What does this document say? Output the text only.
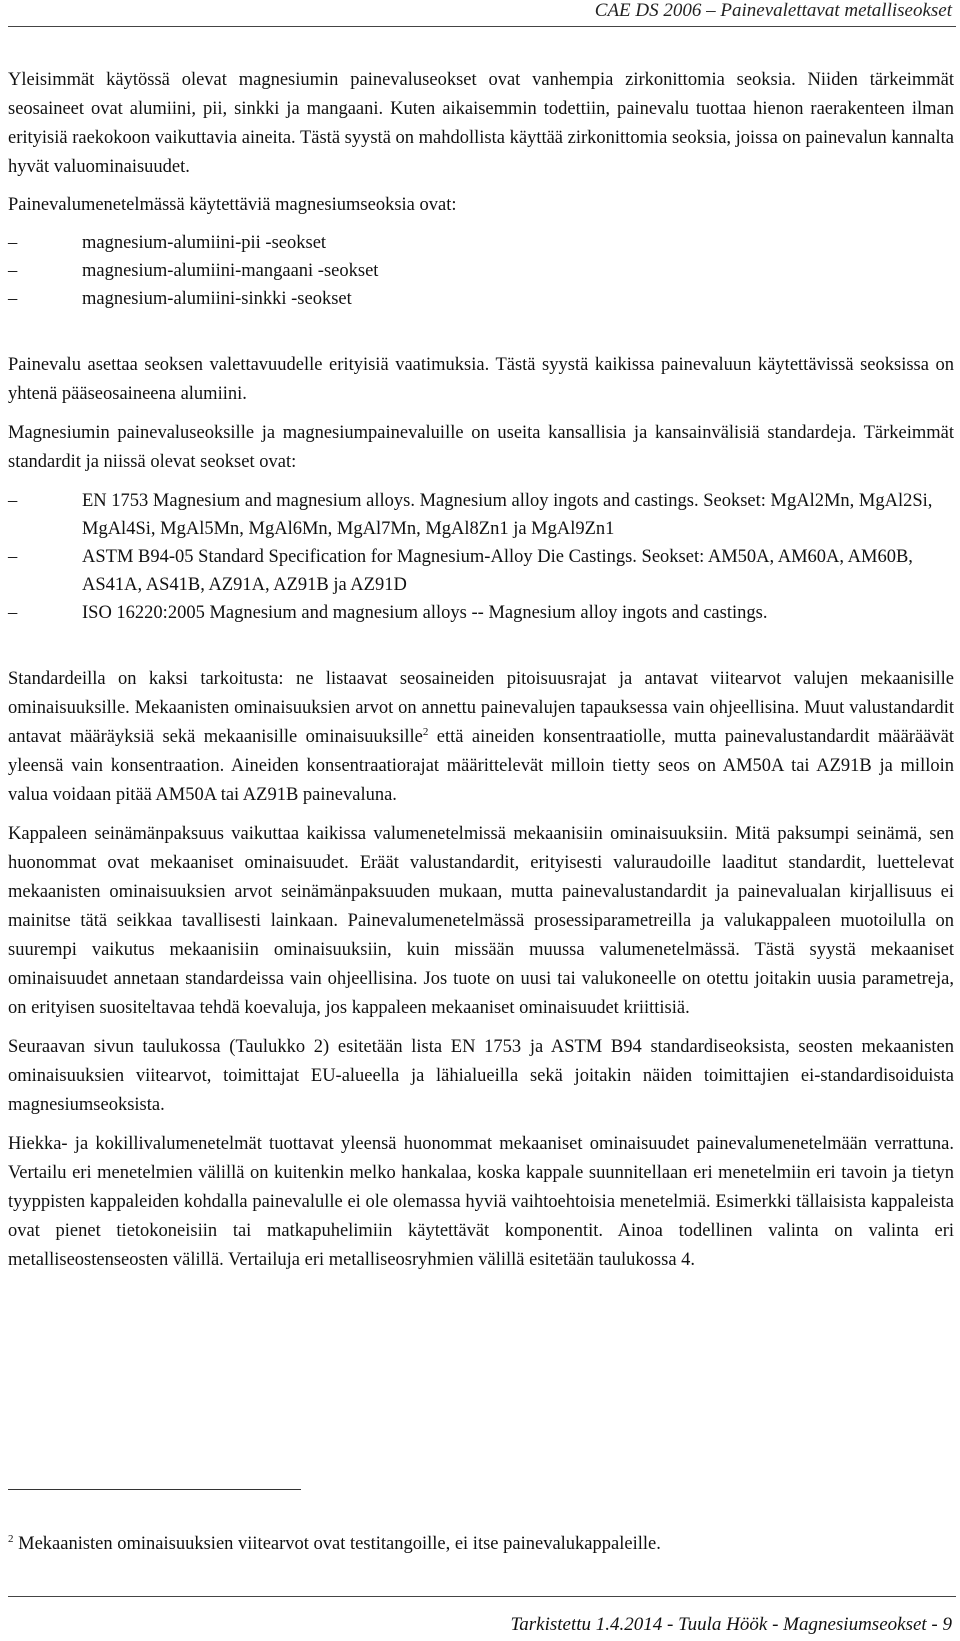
CAE DS 2006 – Painevalettavat metalliseokset

Yleisimmät käytössä olevat magnesiumin painevaluseokset ovat vanhempia zirkonittomia seoksia. Niiden tärkeimmät seosaineet ovat alumiini, pii, sinkki ja mangaani. Kuten aikaisemmin todettiin, painevalu tuottaa hienon raerakenteen ilman erityisiä raekokoon vaikuttavia aineita. Tästä syystä on mahdollista käyttää zirkonittomia seoksia, joissa on painevalun kannalta hyvät valuominaisuudet.

Painevalumenetelmässä käytettäviä magnesiumseoksia ovat:

– magnesium-alumiini-pii -seokset
– magnesium-alumiini-mangaani -seokset
– magnesium-alumiini-sinkki -seokset

Painevalu asettaa seoksen valettavuudelle erityisiä vaatimuksia. Tästä syystä kaikissa painevaluun käytettävissä seoksissa on yhtenä pääseosaineena alumiini.

Magnesiumin painevaluseoksille ja magnesiumpainevaluille on useita kansallisia ja kansainvälisiä standardeja. Tärkeimmät standardit ja niissä olevat seokset ovat:

– EN 1753 Magnesium and magnesium alloys. Magnesium alloy ingots and castings. Seokset: MgAl2Mn, MgAl2Si, MgAl4Si, MgAl5Mn, MgAl6Mn, MgAl7Mn, MgAl8Zn1 ja MgAl9Zn1
– ASTM B94-05 Standard Specification for Magnesium-Alloy Die Castings. Seokset: AM50A, AM60A, AM60B, AS41A, AS41B, AZ91A, AZ91B ja AZ91D
– ISO 16220:2005 Magnesium and magnesium alloys -- Magnesium alloy ingots and castings.

Standardeilla on kaksi tarkoitusta: ne listaavat seosaineiden pitoisuusrajat ja antavat viitearvot valujen mekaanisille ominaisuuksille. Mekaanisten ominaisuuksien arvot on annettu painevalujen tapauksessa vain ohjeellisina. Muut valustandardit antavat määräyksiä sekä mekaanisille ominaisuuksille$^2$ että aineiden konsentraatiolle, mutta painevalustandardit määräävät yleensä vain konsentraation. Aineiden konsentraatiorajat määrittelevät milloin tietty seos on AM50A tai AZ91B ja milloin valua voidaan pitää AM50A tai AZ91B painevaluna.

Kappaleen seinämänpaksuus vaikuttaa kaikissa valumenetelmissä mekaanisiin ominaisuuksiin. Mitä paksumpi seinämä, sen huonommat ovat mekaaniset ominaisuudet. Eräät valustandardit, erityisesti valuraudoille laaditut standardit, luettelevat mekaanisten ominaisuuksien arvot seinämänpaksuuden mukaan, mutta painevalustandardit ja painevalualan kirjallisuus ei mainitse tätä seikkaa tavallisesti lainkaan. Painevalumenetelmässä prosessiparametreilla ja valukappaleen muotoilulla on suurempi vaikutus mekaanisiin ominaisuuksiin, kuin missään muussa valumenetelmässä. Tästä syystä mekaaniset ominaisuudet annetaan standardeissa vain ohjeellisina. Jos tuote on uusi tai valukoneelle on otettu joitakin uusia parametreja, on erityisen suositeltavaa tehdä koevaluja, jos kappaleen mekaaniset ominaisuudet kriittisiä.

Seuraavan sivun taulukossa (Taulukko 2) esitetään lista EN 1753 ja ASTM B94 standardiseoksista, seosten mekaanisten ominaisuuksien viitearvot, toimittajat EU-alueella ja lähialueilla sekä joitakin näiden toimittajien ei-standardisoiduista magnesiumseoksista.

Hiekka- ja kokillivalumenetelmät tuottavat yleensä huonommat mekaaniset ominaisuudet painevalumenetelmään verrattuna. Vertailu eri menetelmien välillä on kuitenkin melko hankalaa, koska kappale suunnitellaan eri menetelmiin eri tavoin ja tietyn tyyppisten kappaleiden kohdalla painevalulle ei ole olemassa hyviä vaihtoehtoisia menetelmiä. Esimerkki tällaisista kappaleista ovat pienet tietokoneisiin tai matkapuhelimiin käytettävät komponentit. Ainoa todellinen valinta on valinta eri metalliseostenseosten välillä. Vertailuja eri metalliseosryhmien välillä esitetään taulukossa 4.

$^2$ Mekaanisten ominaisuuksien viitearvot ovat testitangoille, ei itse painevalukappaleille.
Tarkistettu 1.4.2014 - Tuula Höök - Magnesiumseokset - 9
